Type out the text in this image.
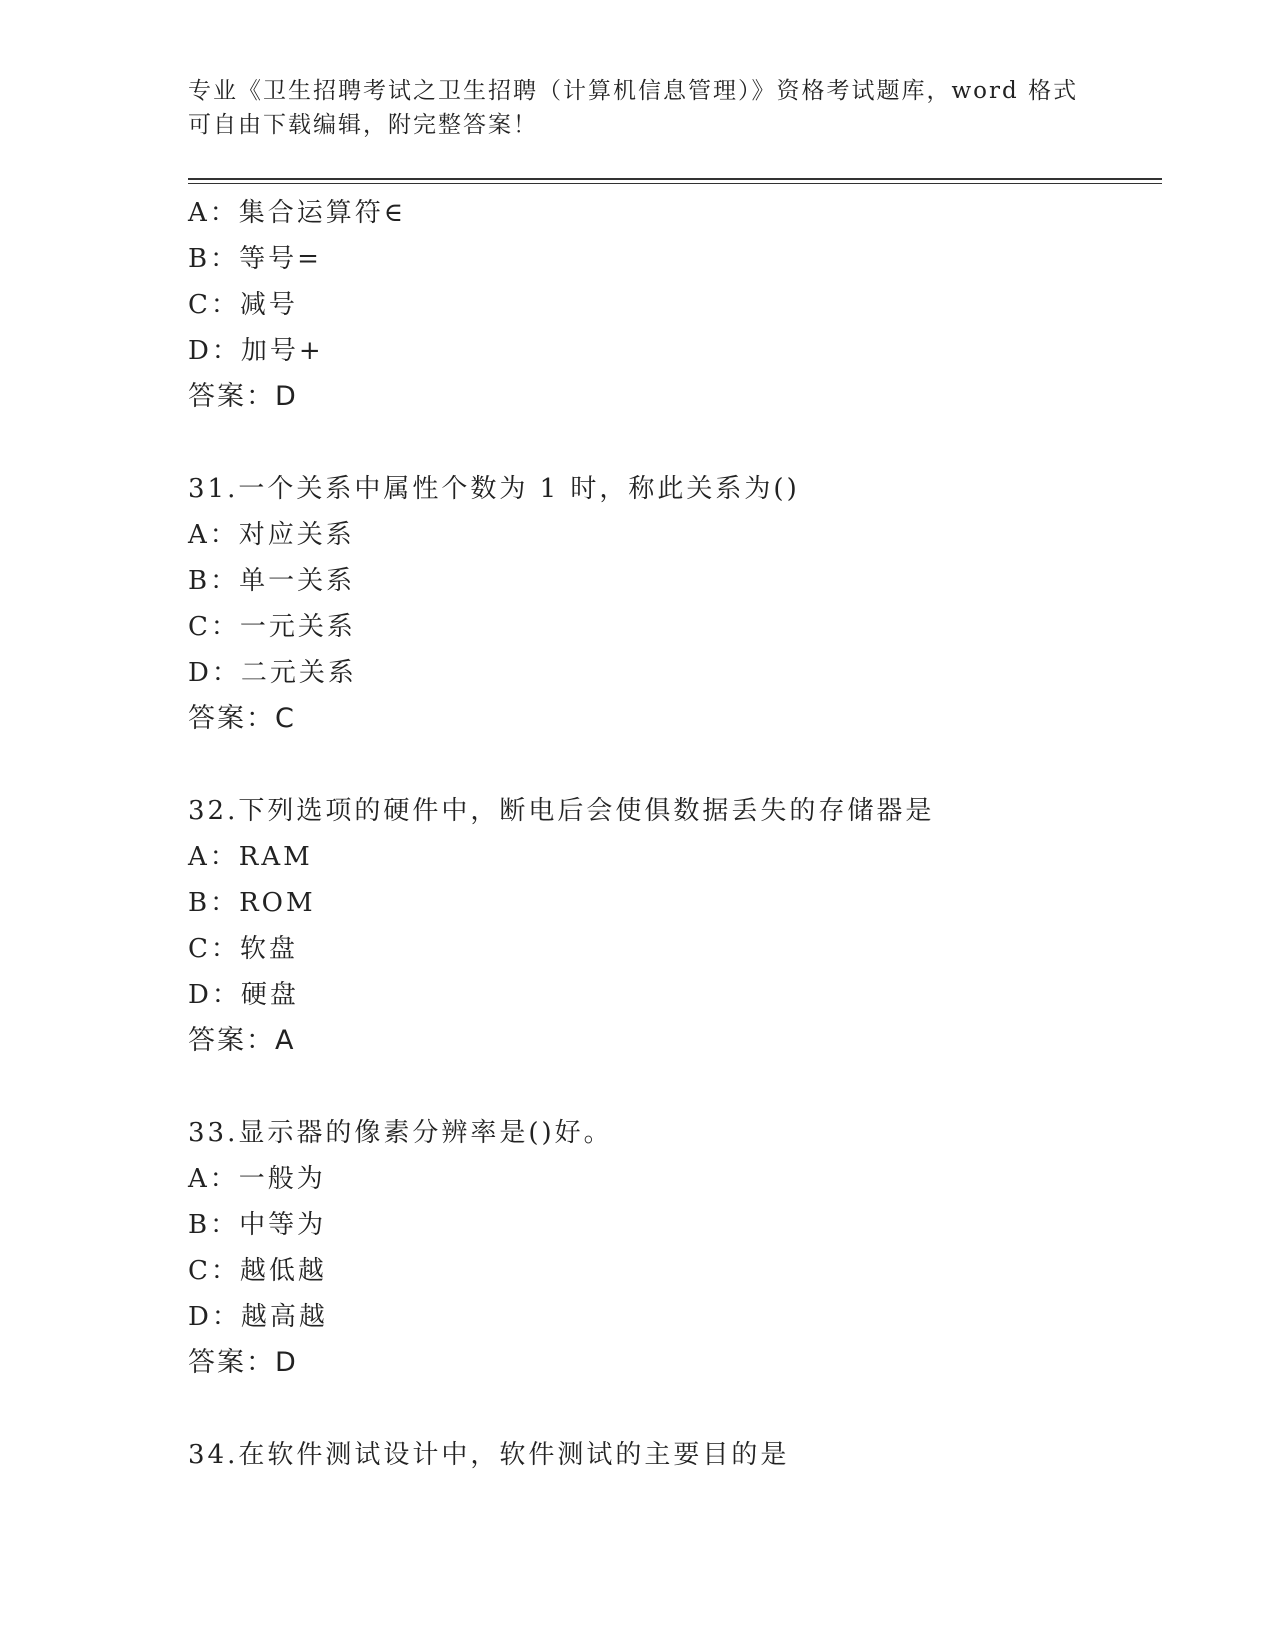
专业《卫生招聘考试之卫生招聘（计算机信息管理）》资格考试题库，word 格式
可自由下载编辑，附完整答案！
A：集合运算符∈
B：等号=
C：减号
D：加号+
答案：D
31.一个关系中属性个数为 1 时，称此关系为()
A：对应关系
B：单一关系
C：一元关系
D：二元关系
答案：C
32.下列选项的硬件中，断电后会使俱数据丢失的存储器是
A：RAM
B：ROM
C：软盘
D：硬盘
答案：A
33.显示器的像素分辨率是()好。
A：一般为
B：中等为
C：越低越
D：越高越
答案：D
34.在软件测试设计中，软件测试的主要目的是
